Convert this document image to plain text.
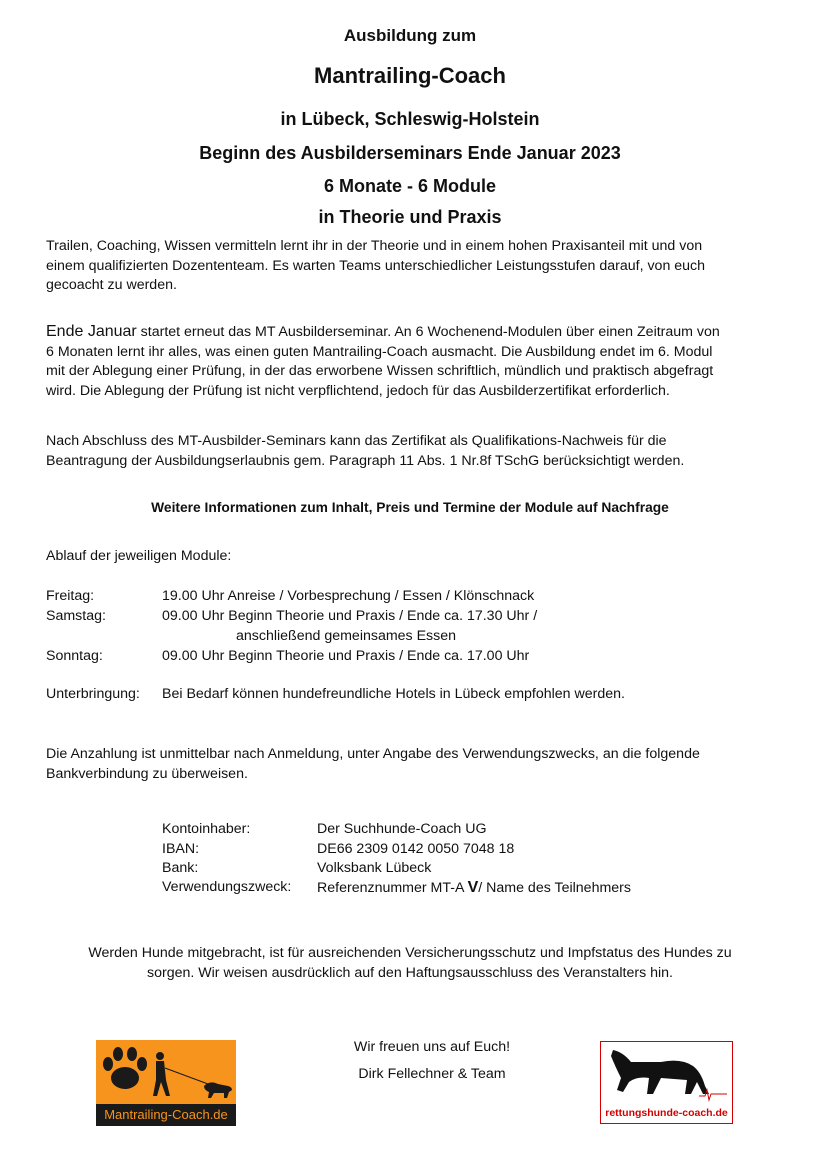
Ausbildung zum
Mantrailing-Coach
in Lübeck, Schleswig-Holstein
Beginn des Ausbilderseminars Ende Januar 2023
6 Monate - 6 Module
in Theorie und Praxis
Trailen, Coaching, Wissen vermitteln lernt ihr in der Theorie und in einem hohen Praxisanteil mit und von
einem qualifizierten Dozententeam. Es warten Teams unterschiedlicher Leistungsstufen darauf, von euch
gecoacht zu werden.
Ende Januar startet erneut das MT Ausbilderseminar. An 6 Wochenend-Modulen über einen Zeitraum von
6 Monaten lernt ihr alles, was einen guten Mantrailing-Coach ausmacht. Die Ausbildung endet im 6. Modul
mit der Ablegung einer Prüfung, in der das erworbene Wissen schriftlich, mündlich und praktisch abgefragt
wird. Die Ablegung der Prüfung ist nicht verpflichtend, jedoch für das Ausbilderzertifikat erforderlich.
Nach Abschluss des MT-Ausbilder-Seminars kann das Zertifikat als Qualifikations-Nachweis für die
Beantragung der Ausbildungserlaubnis gem. Paragraph 11 Abs. 1 Nr.8f TSchG berücksichtigt werden.
Weitere Informationen zum Inhalt, Preis und Termine der Module auf Nachfrage
Ablauf der jeweiligen Module:
Freitag:	19.00 Uhr Anreise / Vorbesprechung / Essen / Klönschnack
Samstag:	09.00 Uhr Beginn Theorie und Praxis / Ende ca. 17.30 Uhr /
anschließend gemeinsames Essen
Sonntag:	09.00 Uhr Beginn Theorie und Praxis / Ende ca. 17.00 Uhr
Unterbringung: Bei Bedarf können hundefreundliche Hotels in Lübeck empfohlen werden.
Die Anzahlung ist unmittelbar nach Anmeldung, unter Angabe des Verwendungszwecks, an die folgende
Bankverbindung zu überweisen.
Kontoinhaber:	Der Suchhunde-Coach UG
IBAN:	DE66 2309 0142 0050 7048 18
Bank:	Volksbank Lübeck
Verwendungszweck: Referenznummer MT-A V/ Name des Teilnehmers
Werden Hunde mitgebracht, ist für ausreichenden Versicherungsschutz und Impfstatus des Hundes zu
sorgen. Wir weisen ausdrücklich auf den Haftungsausschluss des Veranstalters hin.
Wir freuen uns auf Euch!
Dirk Fellechner & Team
Mantrailing-Coach.de	rettungshunde-coach.de
